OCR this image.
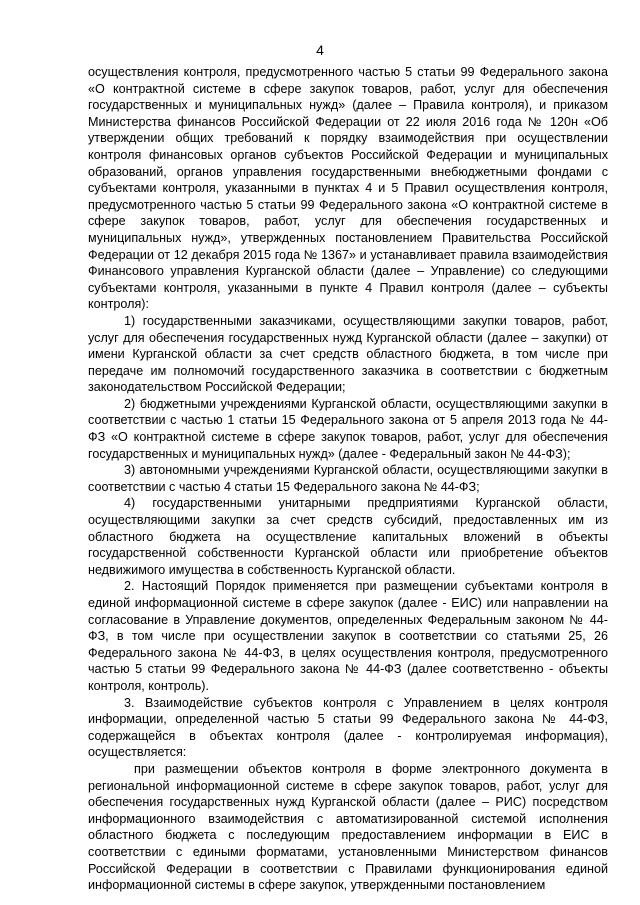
4

осуществления контроля, предусмотренного частью 5 статьи 99 Федерального закона «О контрактной системе в сфере закупок товаров, работ, услуг для обеспечения государственных и муниципальных нужд» (далее – Правила контроля), и приказом Министерства финансов Российской Федерации от 22 июля 2016 года № 120н «Об утверждении общих требований к порядку взаимодействия при осуществлении контроля финансовых органов субъектов Российской Федерации и муниципальных образований, органов управления государственными внебюджетными фондами с субъектами контроля, указанными в пунктах 4 и 5 Правил осуществления контроля, предусмотренного частью 5 статьи 99 Федерального закона «О контрактной системе в сфере закупок товаров, работ, услуг для обеспечения государственных и муниципальных нужд», утвержденных постановлением Правительства Российской Федерации от 12 декабря 2015 года № 1367» и устанавливает правила взаимодействия Финансового управления Курганской области (далее – Управление) со следующими субъектами контроля, указанными в пункте 4 Правил контроля (далее – субъекты контроля):

1) государственными заказчиками, осуществляющими закупки товаров, работ, услуг для обеспечения государственных нужд Курганской области (далее – закупки) от имени Курганской области за счет средств областного бюджета, в том числе при передаче им полномочий государственного заказчика в соответствии с бюджетным законодательством Российской Федерации;

2) бюджетными учреждениями Курганской области, осуществляющими закупки в соответствии с частью 1 статьи 15 Федерального закона от 5 апреля 2013 года № 44-ФЗ «О контрактной системе в сфере закупок товаров, работ, услуг для обеспечения государственных и муниципальных нужд» (далее - Федеральный закон № 44-ФЗ);

3) автономными учреждениями Курганской области, осуществляющими закупки в соответствии с частью 4 статьи 15 Федерального закона № 44-ФЗ;

4) государственными унитарными предприятиями Курганской области, осуществляющими закупки за счет средств субсидий, предоставленных им из областного бюджета на осуществление капитальных вложений в объекты государственной собственности Курганской области или приобретение объектов недвижимого имущества в собственность Курганской области.

2. Настоящий Порядок применяется при размещении субъектами контроля в единой информационной системе в сфере закупок (далее - ЕИС) или направлении на согласование в Управление документов, определенных Федеральным законом № 44-ФЗ, в том числе при осуществлении закупок в соответствии со статьями 25, 26 Федерального закона № 44-ФЗ, в целях осуществления контроля, предусмотренного частью 5 статьи 99 Федерального закона № 44-ФЗ (далее соответственно - объекты контроля, контроль).

3. Взаимодействие субъектов контроля с Управлением в целях контроля информации, определенной частью 5 статьи 99 Федерального закона № 44-ФЗ, содержащейся в объектах контроля (далее - контролируемая информация), осуществляется:

при размещении объектов контроля в форме электронного документа в региональной информационной системе в сфере закупок товаров, работ, услуг для обеспечения государственных нужд Курганской области (далее – РИС) посредством информационного взаимодействия с автоматизированной системой исполнения областного бюджета с последующим предоставлением информации в ЕИС в соответствии с едиными форматами, установленными Министерством финансов Российской Федерации в соответствии с Правилами функционирования единой информационной системы в сфере закупок, утвержденными постановлением
